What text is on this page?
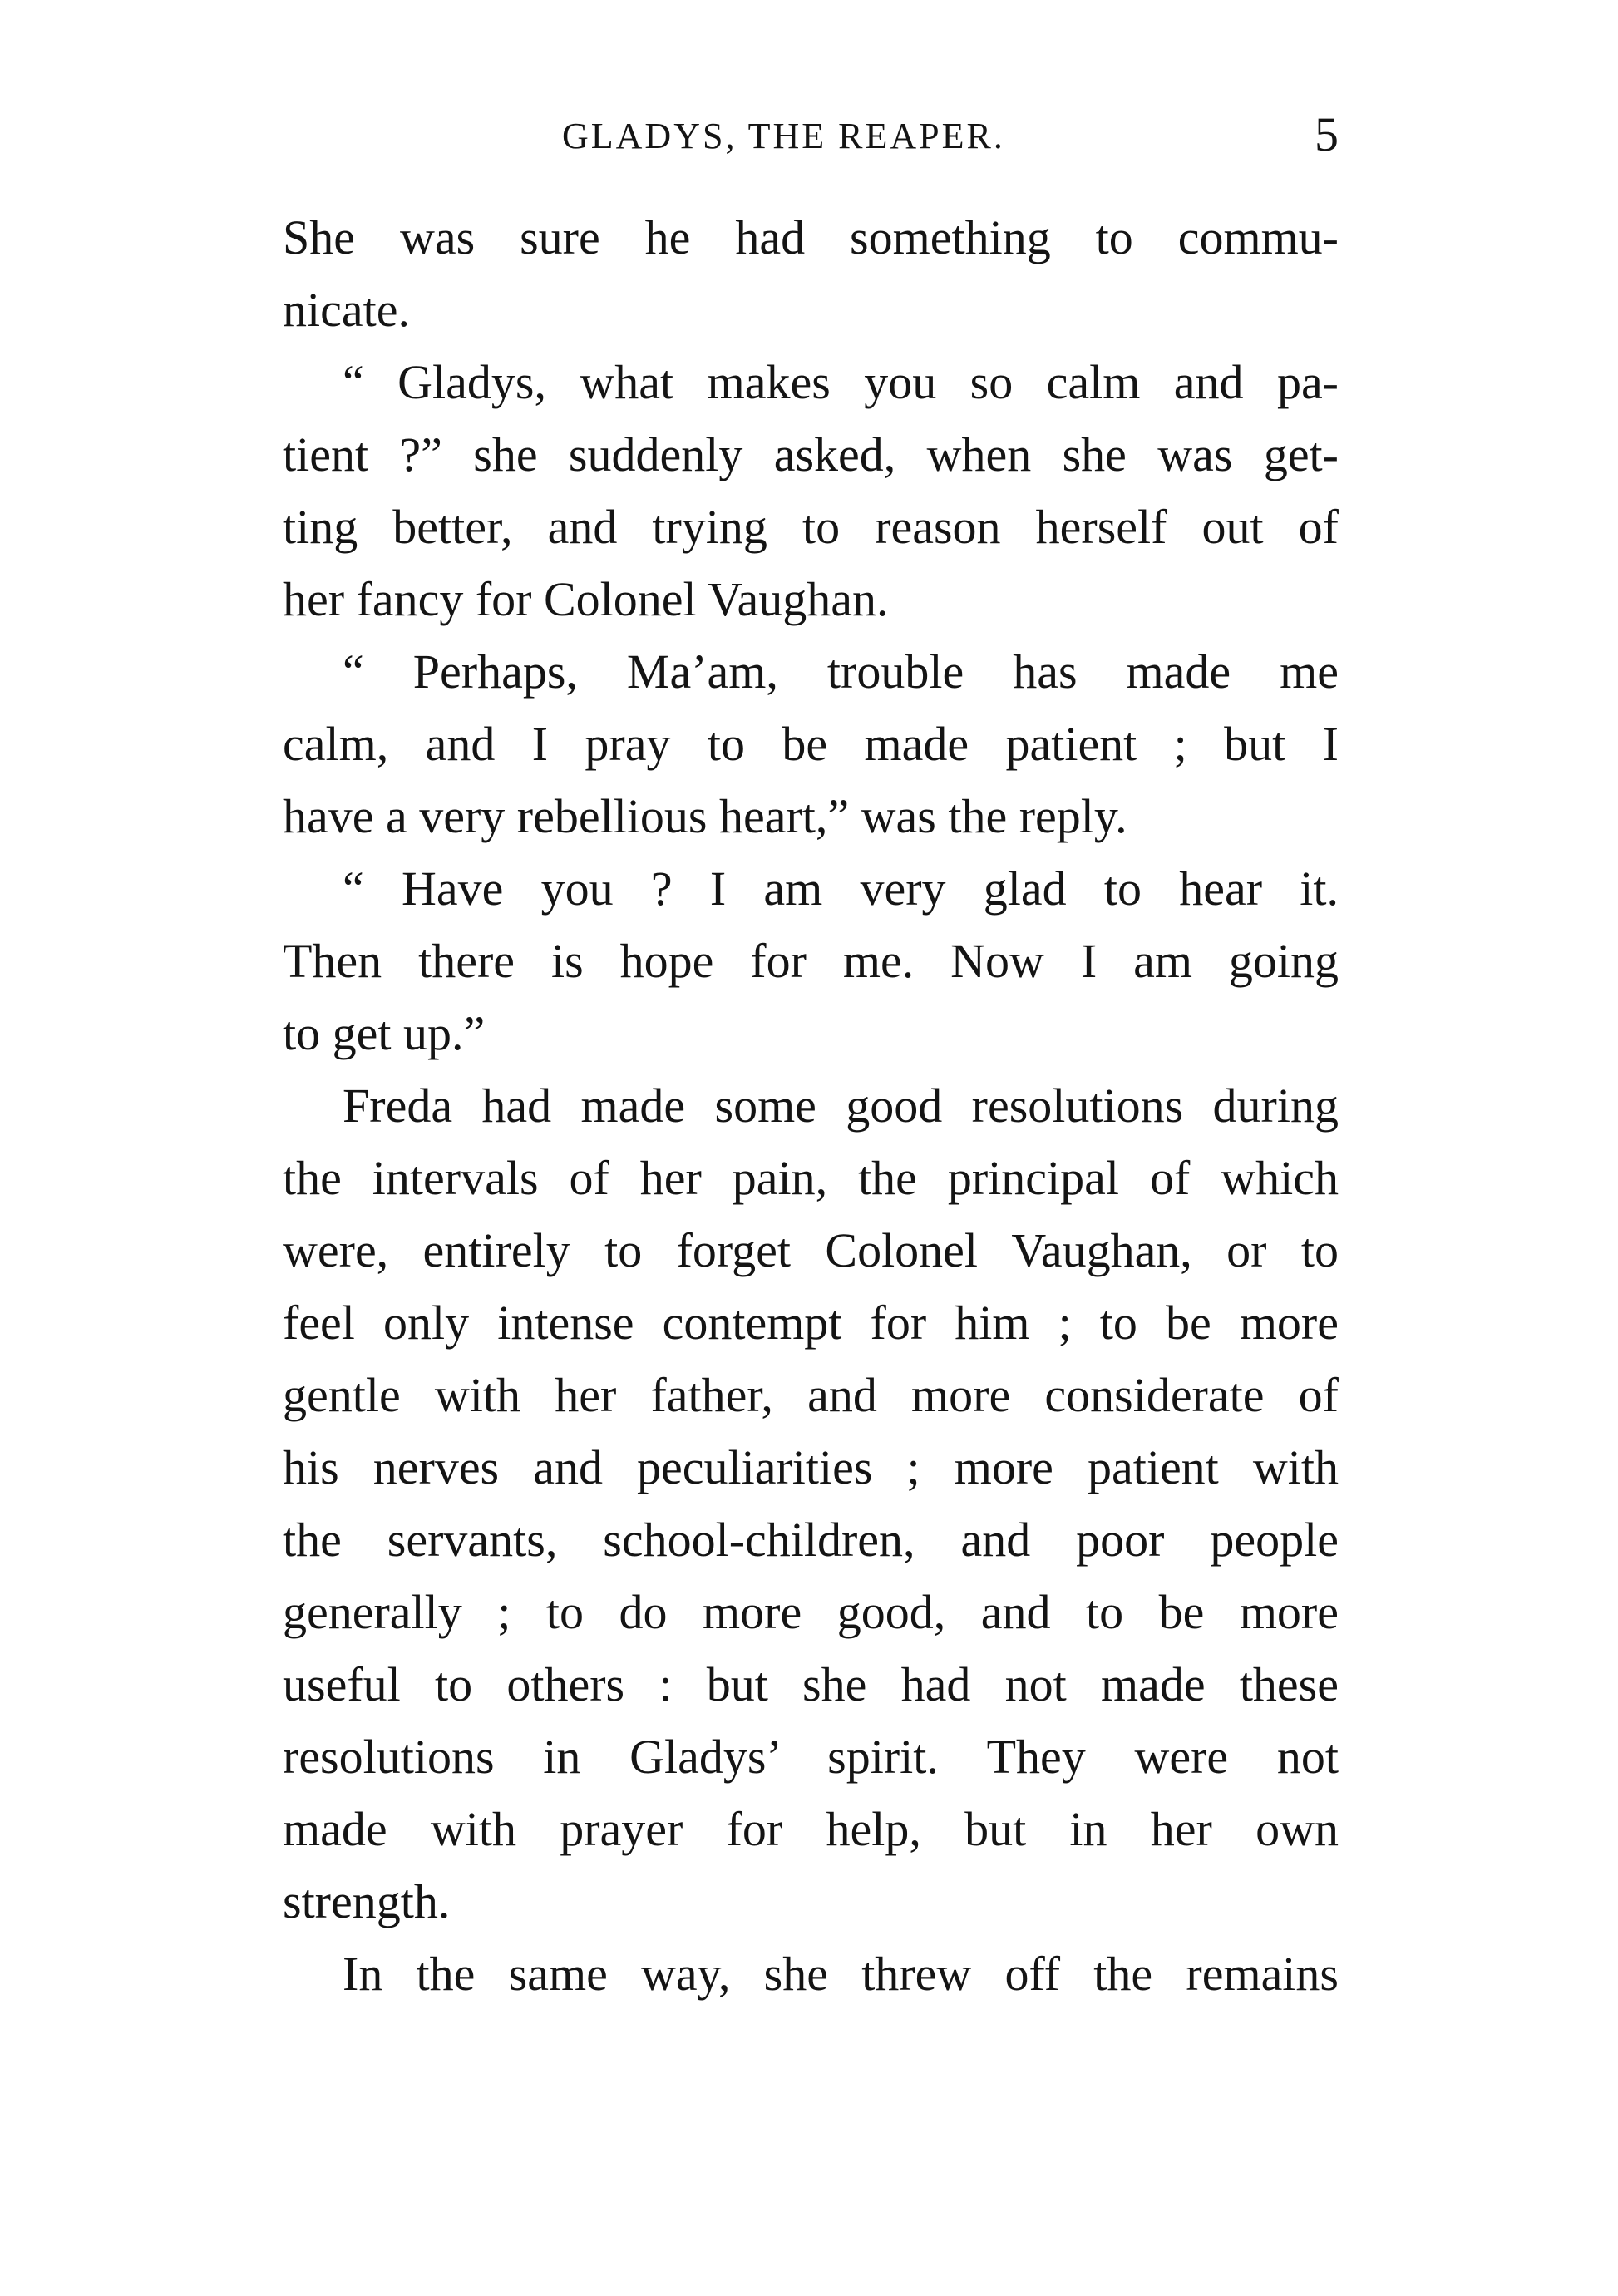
GLADYS, THE REAPER.	5
She was sure he had something to commu-
nicate.
“ Gladys, what makes you so calm and pa-
tient ?” she suddenly asked, when she was get-
ting better, and trying to reason herself out of
her fancy for Colonel Vaughan.
“ Perhaps, Ma’am, trouble has made me
calm, and I pray to be made patient ; but I
have a very rebellious heart,” was the reply.
“ Have you ? I am very glad to hear it.
Then there is hope for me. Now I am going
to get up.”
Freda had made some good resolutions during
the intervals of her pain, the principal of which
were, entirely to forget Colonel Vaughan, or to
feel only intense contempt for him ; to be more
gentle with her father, and more considerate of
his nerves and peculiarities ; more patient with
the servants, school-children, and poor people
generally ; to do more good, and to be more
useful to others : but she had not made these
resolutions in Gladys’ spirit. They were not
made with prayer for help, but in her own
strength.
In the same way, she threw off the remains
